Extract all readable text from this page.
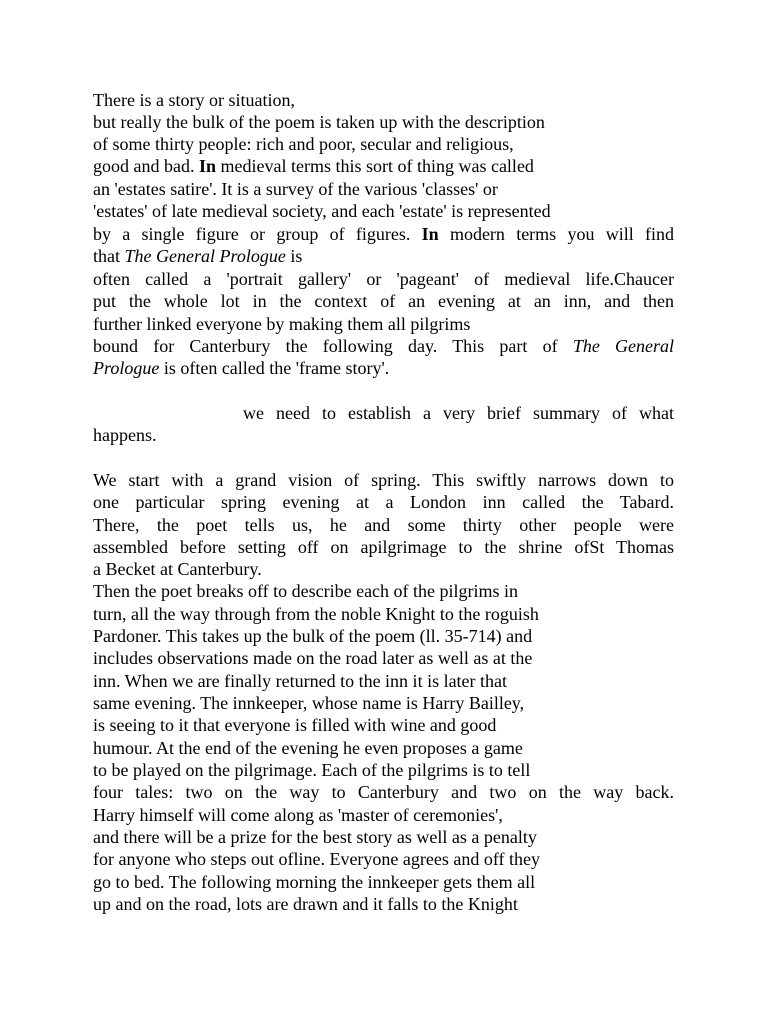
There is a story or situation,
but really the bulk of the poem is taken up with the description
of some thirty people: rich and poor, secular and religious,
good and bad. In medieval terms this sort of thing was called
an 'estates satire'. It is a survey of the various 'classes' or
'estates' of late medieval society, and each 'estate' is represented
by a single figure or group of figures. In modern terms you will find
that The General Prologue is
often called a 'portrait gallery' or 'pageant' of medieval life.Chaucer
put the whole lot in the context of an evening at an inn, and then
further linked everyone by making them all pilgrims
bound for Canterbury the following day. This part of The General
Prologue is often called the 'frame story'.
we need to establish a very brief summary of what
happens.
We start with a grand vision of spring. This swiftly narrows down to
one particular spring evening at a London inn called the Tabard.
There, the poet tells us, he and some thirty other people were
assembled before setting off on apilgrimage to the shrine ofSt Thomas
a Becket at Canterbury.
Then the poet breaks off to describe each of the pilgrims in
turn, all the way through from the noble Knight to the roguish
Pardoner. This takes up the bulk of the poem (ll. 35-714) and
includes observations made on the road later as well as at the
inn. When we are finally returned to the inn it is later that
same evening. The innkeeper, whose name is Harry Bailley,
is seeing to it that everyone is filled with wine and good
humour. At the end of the evening he even proposes a game
to be played on the pilgrimage. Each of the pilgrims is to tell
four tales: two on the way to Canterbury and two on the way back.
Harry himself will come along as 'master of ceremonies',
and there will be a prize for the best story as well as a penalty
for anyone who steps out ofline. Everyone agrees and off they
go to bed. The following morning the innkeeper gets them all
up and on the road, lots are drawn and it falls to the Knight
